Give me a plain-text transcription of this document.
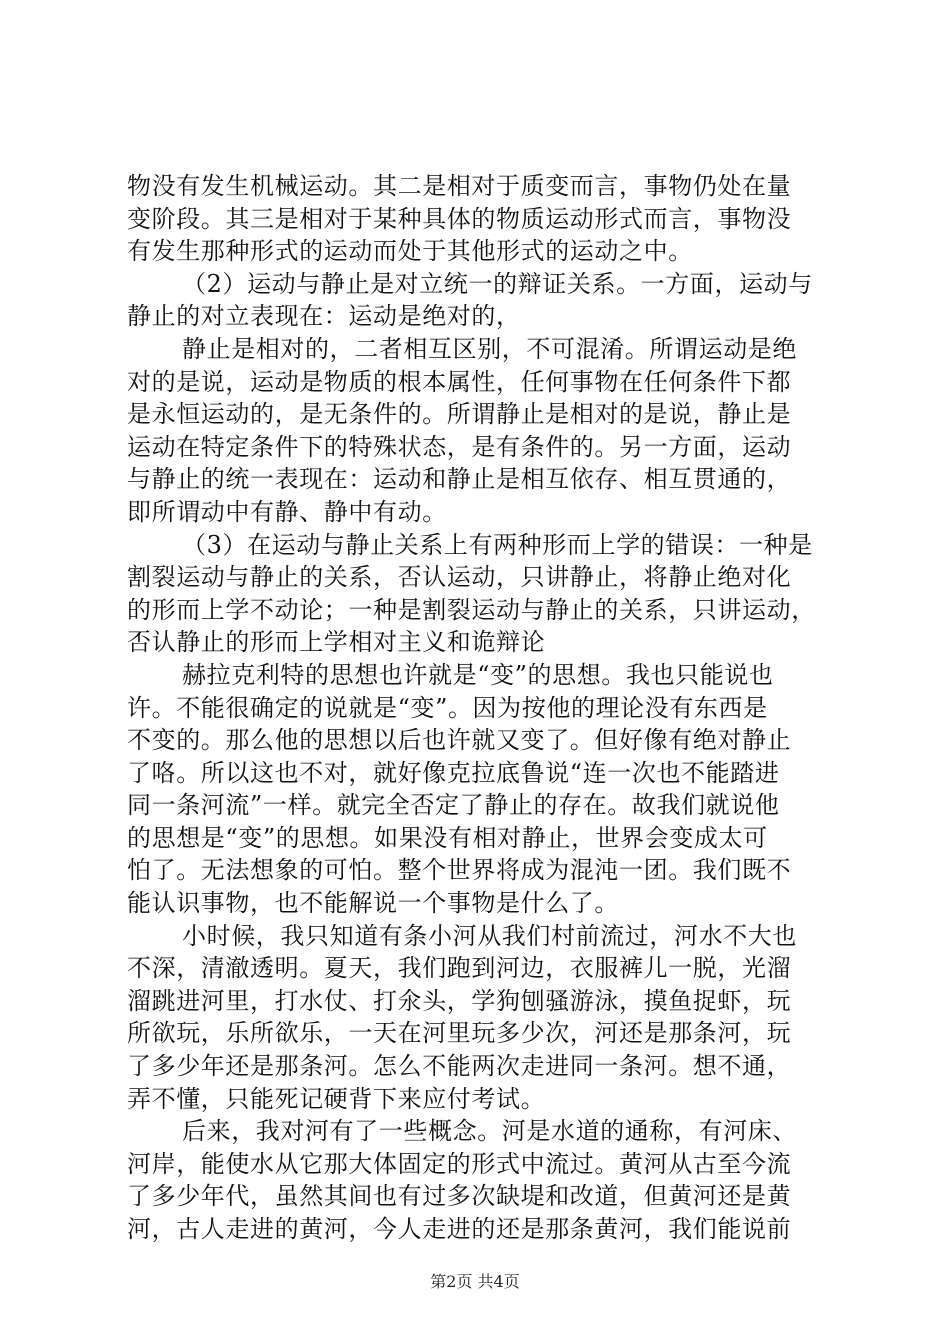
物没有发生机械运动。其二是相对于质变而言，事物仍处在量
变阶段。其三是相对于某种具体的物质运动形式而言，事物没
有发生那种形式的运动而处于其他形式的运动之中。
（2）运动与静止是对立统一的辩证关系。一方面，运动与
静止的对立表现在：运动是绝对的，
静止是相对的，二者相互区别，不可混淆。所谓运动是绝
对的是说，运动是物质的根本属性，任何事物在任何条件下都
是永恒运动的，是无条件的。所谓静止是相对的是说，静止是
运动在特定条件下的特殊状态，是有条件的。另一方面，运动
与静止的统一表现在：运动和静止是相互依存、相互贯通的，
即所谓动中有静、静中有动。
（3）在运动与静止关系上有两种形而上学的错误：一种是
割裂运动与静止的关系，否认运动，只讲静止，将静止绝对化
的形而上学不动论；一种是割裂运动与静止的关系，只讲运动，
否认静止的形而上学相对主义和诡辩论
赫拉克利特的思想也许就是“变”的思想。我也只能说也
许。不能很确定的说就是“变”。因为按他的理论没有东西是
不变的。那么他的思想以后也许就又变了。但好像有绝对静止
了咯。所以这也不对，就好像克拉底鲁说“连一次也不能踏进
同一条河流”一样。就完全否定了静止的存在。故我们就说他
的思想是“变”的思想。如果没有相对静止，世界会变成太可
怕了。无法想象的可怕。整个世界将成为混沌一团。我们既不
能认识事物，也不能解说一个事物是什么了。
小时候，我只知道有条小河从我们村前流过，河水不大也
不深，清澈透明。夏天，我们跑到河边，衣服裤儿一脱，光溜
溜跳进河里，打水仗、打氽头，学狗刨骚游泳，摸鱼捉虾，玩
所欲玩，乐所欲乐，一天在河里玩多少次，河还是那条河，玩
了多少年还是那条河。怎么不能两次走进同一条河。想不通，
弄不懂，只能死记硬背下来应付考试。
后来，我对河有了一些概念。河是水道的通称，有河床、
河岸，能使水从它那大体固定的形式中流过。黄河从古至今流
了多少年代，虽然其间也有过多次缺堤和改道，但黄河还是黄
河，古人走进的黄河，今人走进的还是那条黄河，我们能说前
第2页 共4页
